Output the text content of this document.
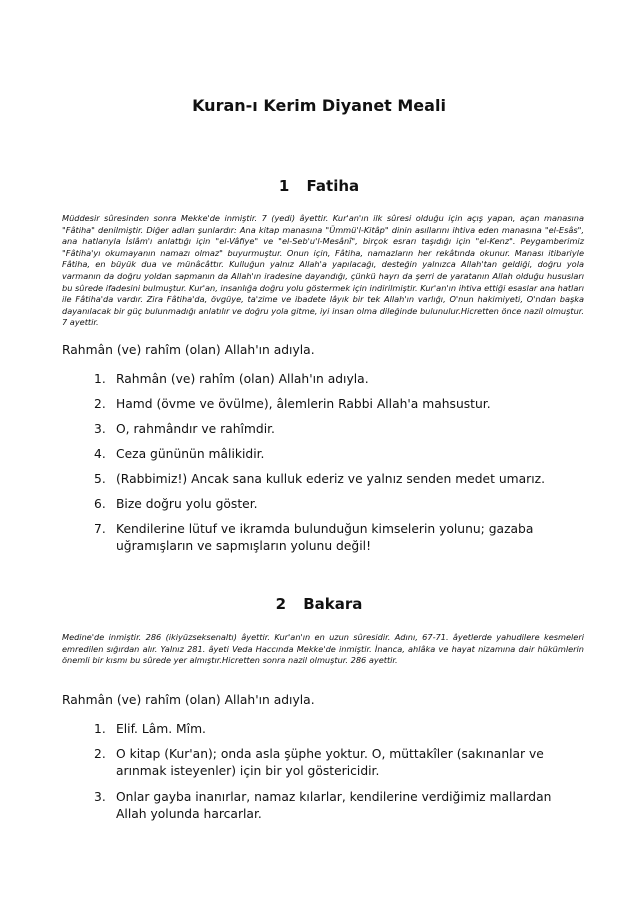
Kuran-ı Kerim Diyanet Meali
1 Fatiha

Müddesir sûresinden sonra Mekke'de inmiştir. 7 (yedi) âyettir. Kur'an'ın ilk sûresi olduğu için açış yapan, açan manasına "Fâtiha" denilmiştir. Diğer adları şunlardır: Ana kitap manasına "Ümmü'l-Kitâp" dinin asıllarını ihtiva eden manasına "el-Esâs", ana hatlarıyla İslâm'ı anlattığı için "el-Vâfiye" ve "el-Seb'u'l-Mesânî", birçok esrarı taşıdığı için "el-Kenz". Peygamberimiz "Fâtiha'yı okumayanın namazı olmaz" buyurmuştur. Onun için, Fâtiha, namazların her rekâtında okunur. Manası itibariyle Fâtiha, en büyük dua ve münâcâttır. Kulluğun yalnız Allah'a yapılacağı, desteğin yalnızca Allah'tan geldiği, doğru yola varmanın da doğru yoldan sapmanın da Allah'ın iradesine dayandığı, çünkü hayrı da şerri de yaratanın Allah olduğu hususları bu sûrede ifadesini bulmuştur. Kur'an, insanlığa doğru yolu göstermek için indirilmiştir. Kur'an'ın ihtiva ettiği esaslar ana hatları ile Fâtiha'da vardır. Zira Fâtiha'da, övgüye, ta'zime ve ibadete lâyık bir tek Allah'ın varlığı, O'nun hakimiyeti, O'ndan başka dayanılacak bir güç bulunmadığı anlatılır ve doğru yola gitme, iyi insan olma dileğinde bulunulur.Hicretten önce nazil olmuştur. 7 ayettir.

Rahmân (ve) rahîm (olan) Allah'ın adıyla.

1. Rahmân (ve) rahîm (olan) Allah'ın adıyla.
2. Hamd (övme ve övülme), âlemlerin Rabbi Allah'a mahsustur.
3. O, rahmândır ve rahîmdir.
4. Ceza gününün mâlikidir.
5. (Rabbimiz!) Ancak sana kulluk ederiz ve yalnız senden medet umarız.
6. Bize doğru yolu göster.
7. Kendilerine lütuf ve ikramda bulunduğun kimselerin yolunu; gazaba uğramışların ve sapmışların yolunu değil!
2 Bakara

Medine'de inmiştir. 286 (ikiyüzseksenaltı) âyettir. Kur'an'ın en uzun sûresidir. Adını, 67-71. âyetlerde yahudilere kesmeleri emredilen sığırdan alır. Yalnız 281. âyeti Veda Haccında Mekke'de inmiştir. İnanca, ahlâka ve hayat nizamına dair hükümlerin önemli bir kısmı bu sûrede yer almıştır.Hicretten sonra nazil olmuştur. 286 ayettir.

Rahmân (ve) rahîm (olan) Allah'ın adıyla.

1. Elif. Lâm. Mîm.
2. O kitap (Kur'an); onda asla şüphe yoktur. O, müttakîler (sakınanlar ve arınmak isteyenler) için bir yol göstericidir.
3. Onlar gayba inanırlar, namaz kılarlar, kendilerine verdiğimiz mallardan Allah yolunda harcarlar.
